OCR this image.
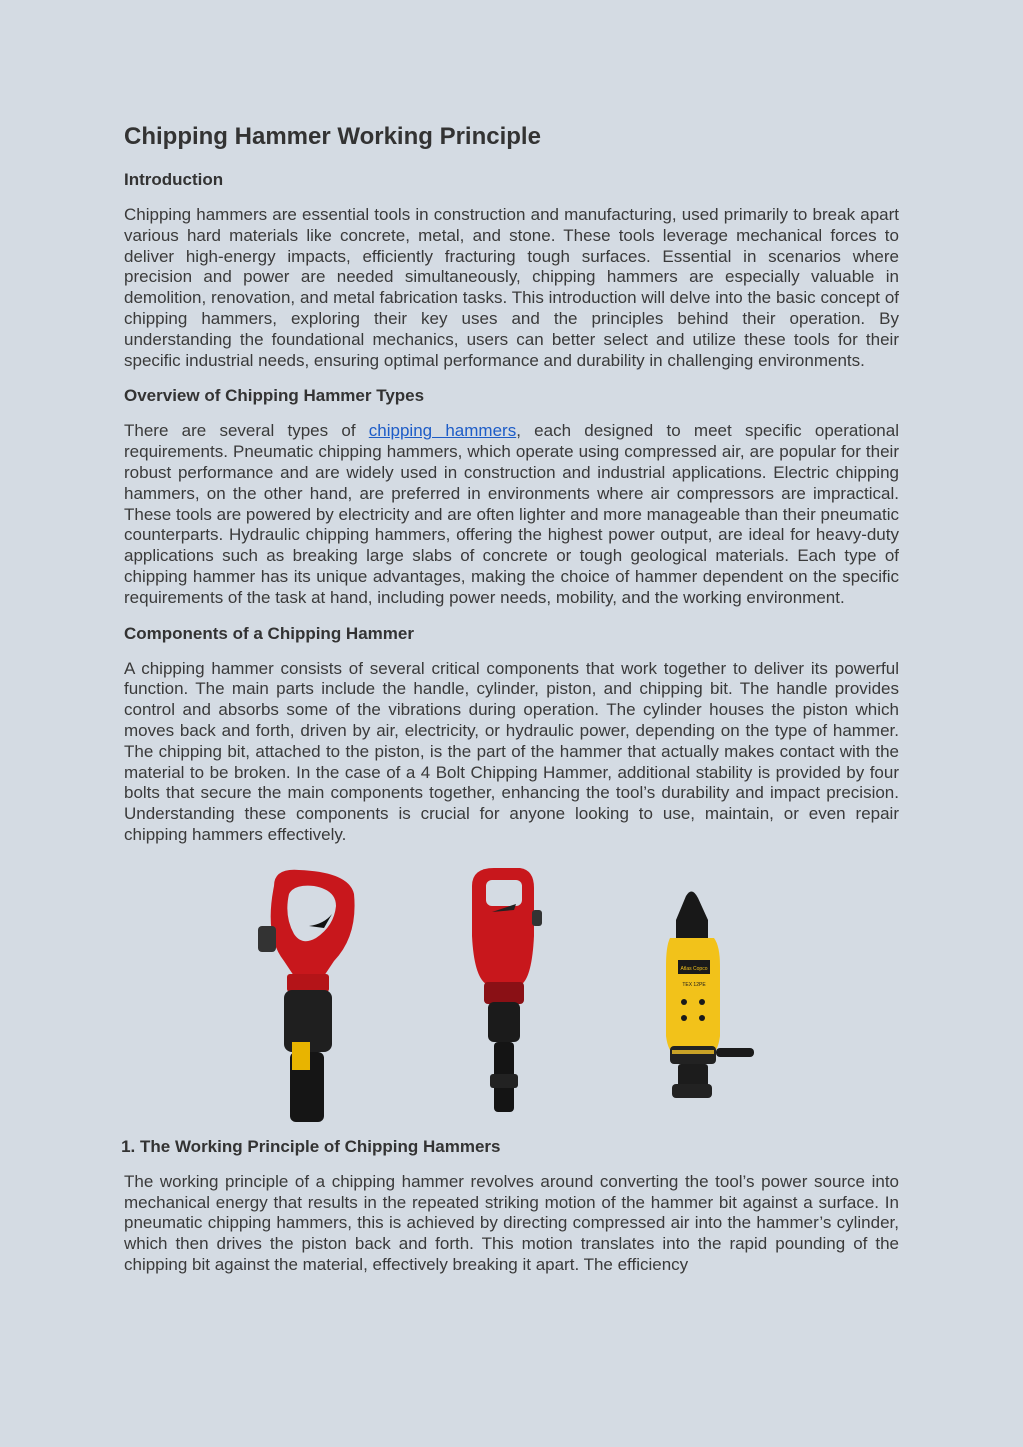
Chipping Hammer Working Principle
Introduction

Chipping hammers are essential tools in construction and manufacturing, used primarily to break apart various hard materials like concrete, metal, and stone. These tools leverage mechanical forces to deliver high-energy impacts, efficiently fracturing tough surfaces. Essential in scenarios where precision and power are needed simultaneously, chipping hammers are especially valuable in demolition, renovation, and metal fabrication tasks. This introduction will delve into the basic concept of chipping hammers, exploring their key uses and the principles behind their operation. By understanding the foundational mechanics, users can better select and utilize these tools for their specific industrial needs, ensuring optimal performance and durability in challenging environments.

Overview of Chipping Hammer Types

There are several types of chipping hammers, each designed to meet specific operational requirements. Pneumatic chipping hammers, which operate using compressed air, are popular for their robust performance and are widely used in construction and industrial applications. Electric chipping hammers, on the other hand, are preferred in environments where air compressors are impractical. These tools are powered by electricity and are often lighter and more manageable than their pneumatic counterparts. Hydraulic chipping hammers, offering the highest power output, are ideal for heavy-duty applications such as breaking large slabs of concrete or tough geological materials. Each type of chipping hammer has its unique advantages, making the choice of hammer dependent on the specific requirements of the task at hand, including power needs, mobility, and the working environment.

Components of a Chipping Hammer

A chipping hammer consists of several critical components that work together to deliver its powerful function. The main parts include the handle, cylinder, piston, and chipping bit. The handle provides control and absorbs some of the vibrations during operation. The cylinder houses the piston which moves back and forth, driven by air, electricity, or hydraulic power, depending on the type of hammer. The chipping bit, attached to the piston, is the part of the hammer that actually makes contact with the material to be broken. In the case of a 4 Bolt Chipping Hammer, additional stability is provided by four bolts that secure the main components together, enhancing the tool’s durability and impact precision. Understanding these components is crucial for anyone looking to use, maintain, or even repair chipping hammers effectively.

Atlas Copco
TEX 12PE
1. The Working Principle of Chipping Hammers

The working principle of a chipping hammer revolves around converting the tool’s power source into mechanical energy that results in the repeated striking motion of the hammer bit against a surface. In pneumatic chipping hammers, this is achieved by directing compressed air into the hammer’s cylinder, which then drives the piston back and forth. This motion translates into the rapid pounding of the chipping bit against the material, effectively breaking it apart. The efficiency
